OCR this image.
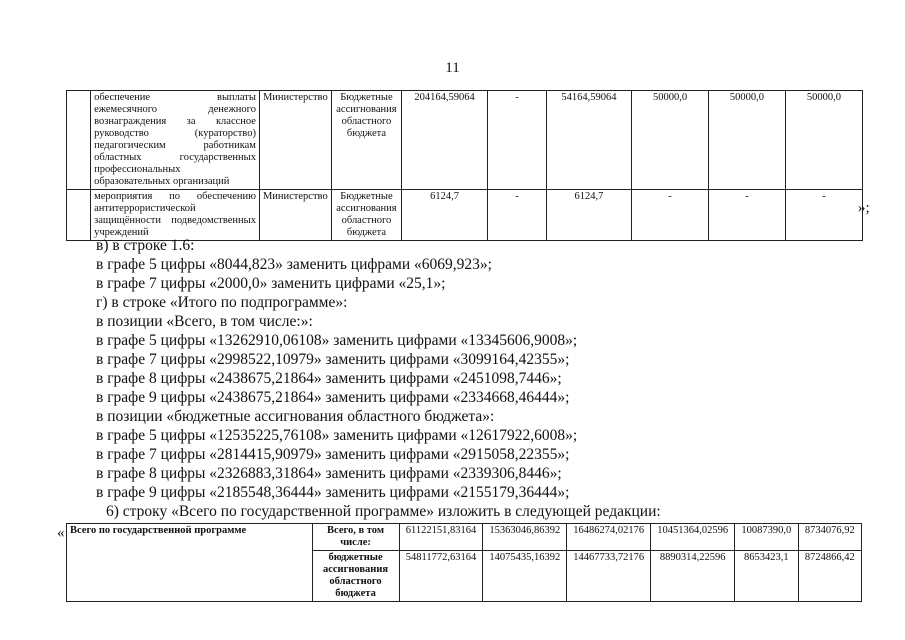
11
	обеспечение выплаты ежемесячного денежного вознаграждения за классное руководство (кураторство) педагогическим работникам областных государственных профессиональных образовательных организаций	Министерство	Бюджетные ассигнования областного бюджета	204164,59064	-	54164,59064	50000,0	50000,0	50000,0
	мероприятия по обеспечению антитеррористической защищённости подведомственных учреждений	Министерство	Бюджетные ассигнования областного бюджета	6124,7	-	6124,7	-	-	-
»;
в) в строке 1.6:
в графе 5 цифры «8044,823» заменить цифрами «6069,923»;
в графе 7 цифры «2000,0» заменить цифрами «25,1»;
г) в строке «Итого по подпрограмме»:
в позиции «Всего, в том числе:»:
в графе 5 цифры «13262910,06108» заменить цифрами «13345606,9008»;
в графе 7 цифры «2998522,10979» заменить цифрами «3099164,42355»;
в графе 8 цифры «2438675,21864» заменить цифрами «2451098,7446»;
в графе 9 цифры «2438675,21864» заменить цифрами «2334668,46444»;
в позиции «бюджетные ассигнования областного бюджета»:
в графе 5 цифры «12535225,76108» заменить цифрами «12617922,6008»;
в графе 7 цифры «2814415,90979» заменить цифрами «2915058,22355»;
в графе 8 цифры «2326883,31864» заменить цифрами «2339306,8446»;
в графе 9 цифры «2185548,36444» заменить цифрами «2155179,36444»;
6) строку «Всего по государственной программе» изложить в следующей редакции:
« Всего по государственной программе	Всего, в том числе:	61122151,83164	15363046,86392	16486274,02176	10451364,02596	10087390,0	8734076,92
	бюджетные ассигнования областного бюджета	54811772,63164	14075435,16392	14467733,72176	8890314,22596	8653423,1	8724866,42
